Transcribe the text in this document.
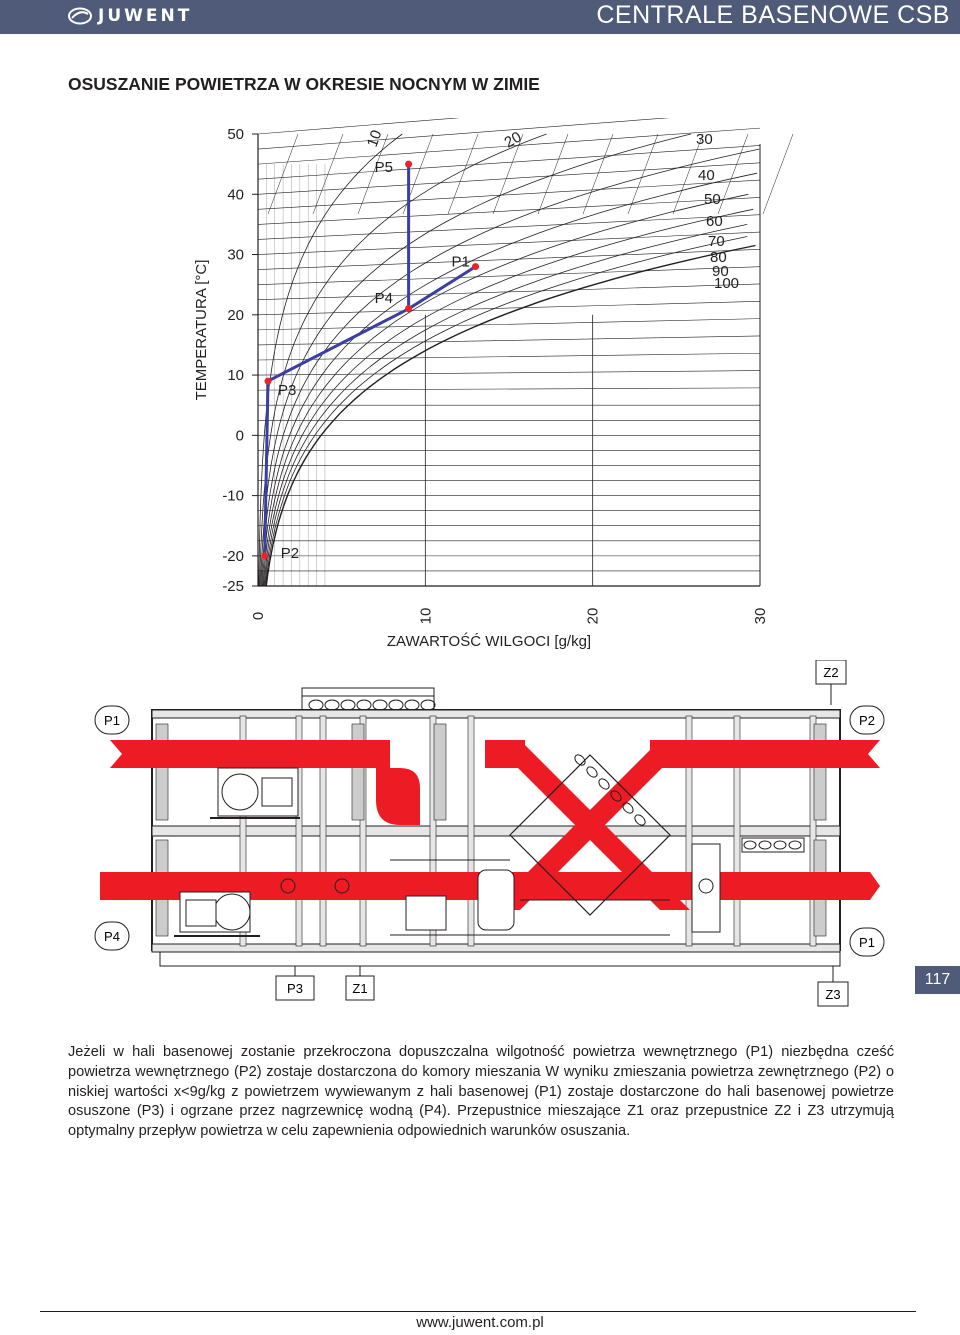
JUWENT	CENTRALE BASENOWE CSB
OSUSZANIE POWIETRZA W OKRESIE NOCNYM W ZIMIE
50
40
30
20
10
0
-10
-20
-25
0	10	20	30
ZAWARTOŚĆ WILGOCI [g/kg]
TEMPERATURA [°C]
10	20	30
40
50
60
70
80
90
100
P2
P3
P4
P5
P1
Z2
P1	P2
P4	P1
P3	Z1	Z3
117
Jeżeli w hali basenowej zostanie przekroczona dopuszczalna wilgotność powietrza wewnętrznego (P1) niezbędna cześć powietrza wewnętrznego (P2) zostaje dostarczona do komory mieszania W wyniku zmieszania powietrza zewnętrznego (P2) o niskiej wartości x<9g/kg z powietrzem wywiewanym z hali basenowej (P1) zostaje dostarczone do hali basenowej powietrze osuszone (P3) i ogrzane przez nagrzewnicę wodną (P4). Przepustnice mieszające Z1 oraz przepustnice Z2 i Z3 utrzymują optymalny przepływ powietrza w celu zapewnienia odpowiednich warunków osuszania.
www.juwent.com.pl
